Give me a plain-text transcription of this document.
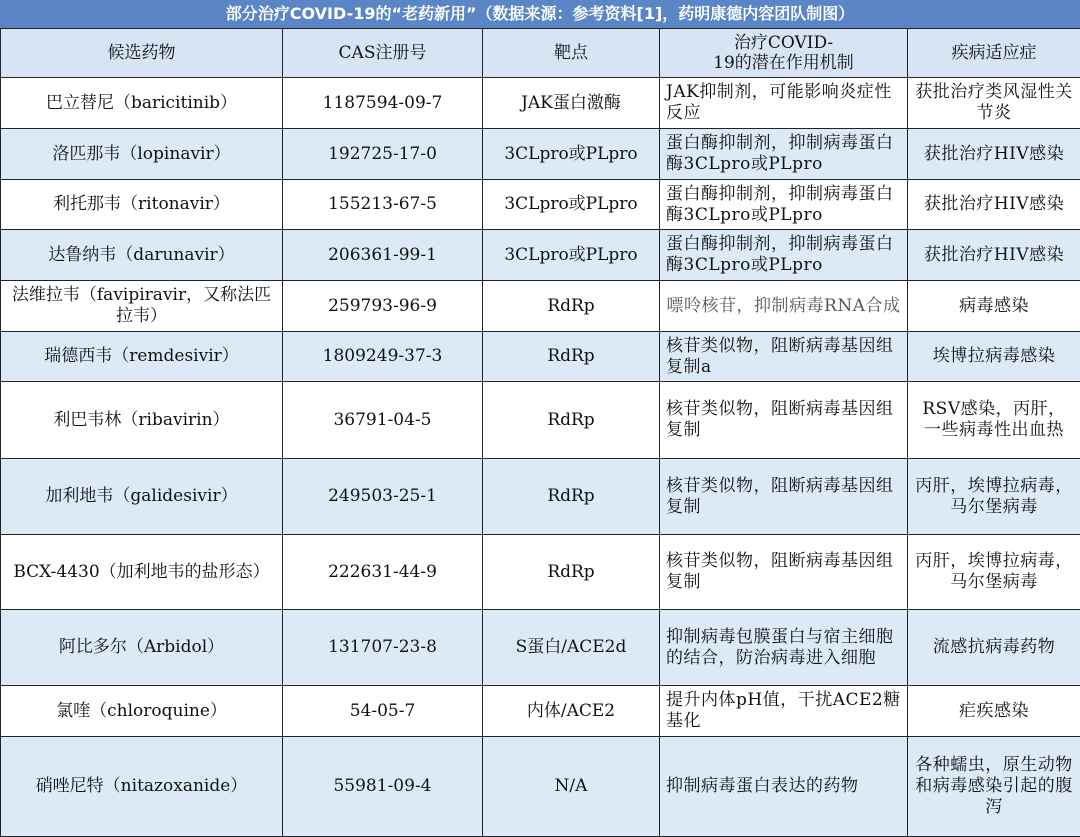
部分治疗COVID-19的“老药新用”（数据来源：参考资料[1]，药明康德内容团队制图）
候选药物	CAS注册号	靶点	治疗COVID-
19的潜在作用机制	疾病适应症
巴立替尼（baricitinib）	1187594-09-7	JAK蛋白激酶	JAK抑制剂，可能影响炎症性反应	获批治疗类风湿性关节炎
洛匹那韦（lopinavir）	192725-17-0	3CLpro或PLpro	蛋白酶抑制剂，抑制病毒蛋白酶3CLpro或PLpro	获批治疗HIV感染
利托那韦（ritonavir）	155213-67-5	3CLpro或PLpro	蛋白酶抑制剂，抑制病毒蛋白酶3CLpro或PLpro	获批治疗HIV感染
达鲁纳韦（darunavir）	206361-99-1	3CLpro或PLpro	蛋白酶抑制剂，抑制病毒蛋白酶3CLpro或PLpro	获批治疗HIV感染
法维拉韦（favipiravir，又称法匹拉韦）	259793-96-9	RdRp	嘌呤核苷，抑制病毒RNA合成	病毒感染
瑞德西韦（remdesivir）	1809249-37-3	RdRp	核苷类似物，阻断病毒基因组复制a	埃博拉病毒感染
利巴韦林（ribavirin）	36791-04-5	RdRp	核苷类似物，阻断病毒基因组复制	RSV感染，丙肝，一些病毒性出血热
加利地韦（galidesivir）	249503-25-1	RdRp	核苷类似物，阻断病毒基因组复制	丙肝，埃博拉病毒，马尔堡病毒
BCX-4430（加利地韦的盐形态）	222631-44-9	RdRp	核苷类似物，阻断病毒基因组复制	丙肝，埃博拉病毒，马尔堡病毒
阿比多尔（Arbidol）	131707-23-8	S蛋白/ACE2d	抑制病毒包膜蛋白与宿主细胞的结合，防治病毒进入细胞	流感抗病毒药物
氯喹（chloroquine）	54-05-7	内体/ACE2	提升内体pH值，干扰ACE2糖基化	疟疾感染
硝唑尼特（nitazoxanide）	55981-09-4	N/A	抑制病毒蛋白表达的药物	各种蠕虫，原生动物和病毒感染引起的腹泻
